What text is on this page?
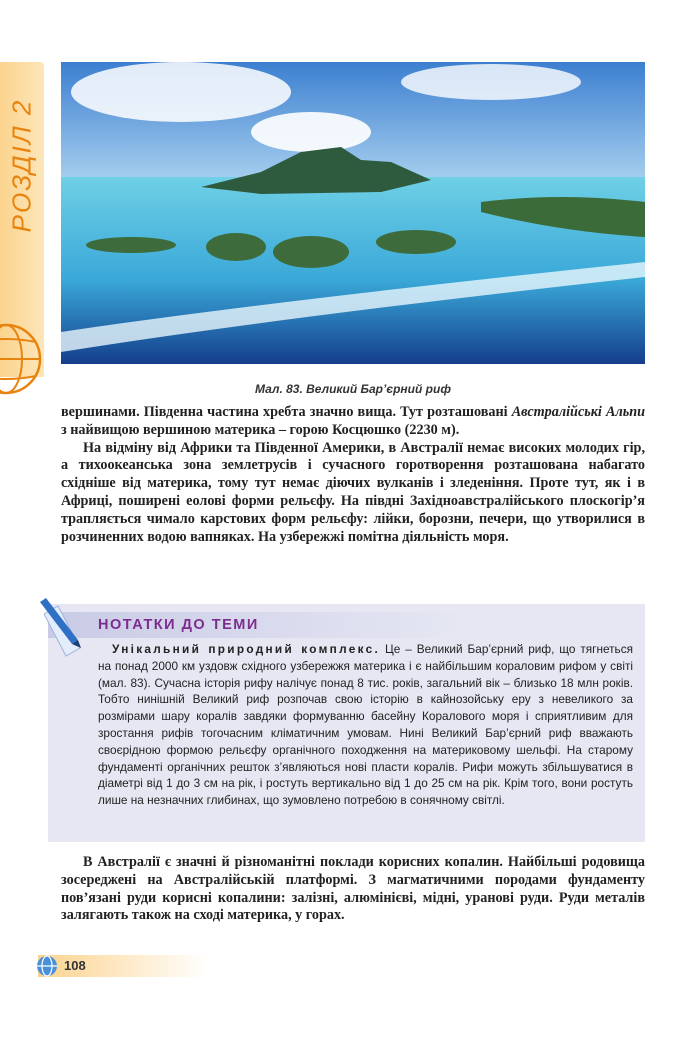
РОЗДІЛ 2
Мал. 83. Великий Бар’єрний риф

вершинами. Південна частина хребта значно вища. Тут розташовані Австралійські Альпи з найвищою вершиною материка – горою Косцюшко (2230 м).

На відміну від Африки та Південної Америки, в Австралії немає високих молодих гір, а тихоокеанська зона землетрусів і сучасного горотворення розташована набагато східніше від материка, тому тут немає діючих вулканів і зледеніння. Проте тут, як і в Африці, поширені еолові форми рельєфу. На півдні Західноавстралійського плоскогір’я трапляється чимало карстових форм рельєфу: лійки, борозни, печери, що утворилися в розчиненних водою вапняках. На узбережжі помітна діяльність моря.

НОТАТКИ ДО ТЕМИ

Унікальний природний комплекс. Це – Великий Бар’єрний риф, що тягнеться на понад 2000 км уздовж східного узбережжя материка і є найбільшим кораловим рифом у світі (мал. 83). Сучасна історія рифу налічує понад 8 тис. років, загальний вік – близько 18 млн років. Тобто нинішній Великий риф розпочав свою історію в кайнозойську еру з невеликого за розмірами шару коралів завдяки формуванню басейну Коралового моря і сприятливим для зростання рифів тогочасним кліматичним умовам. Нині Великий Бар’єрний риф вважають своєрідною формою рельєфу органічного походження на материковому шельфі. На старому фундаменті органічних решток з’являються нові пласти коралів. Рифи можуть збільшуватися в діаметрі від 1 до 3 см на рік, і ростуть вертикально від 1 до 25 см на рік. Крім того, вони ростуть лише на незначних глибинах, що зумовлено потребою в сонячному світлі.

В Австралії є значні й різноманітні поклади корисних копалин. Найбільші родовища зосереджені на Австралійській платформі. З магматичними породами фундаменту пов’язані руди корисні копалини: залізні, алюмінієві, мідні, уранові руди. Руди металів залягають також на сході материка, у горах.

108
